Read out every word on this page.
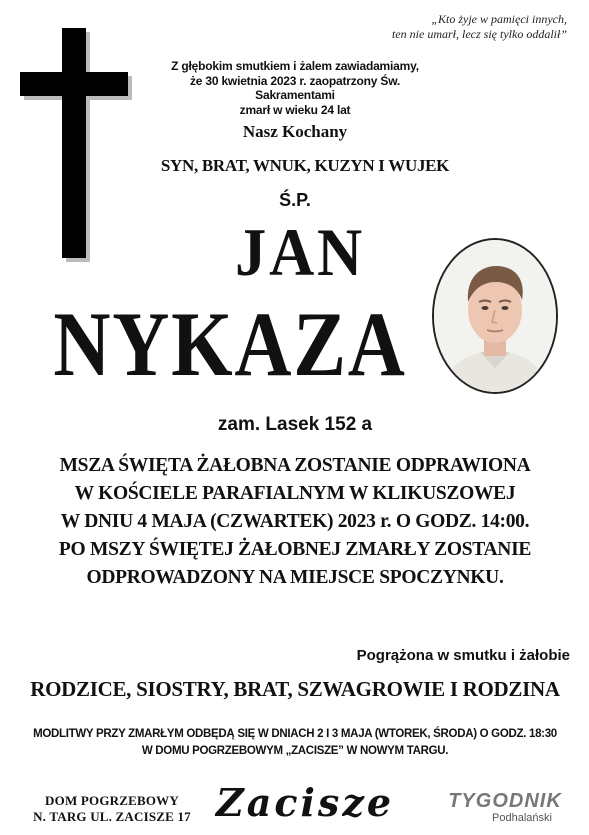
„Kto żyje w pamięci innych,
ten nie umarł, lecz się tylko oddalił”
Z głębokim smutkiem i żalem zawiadamiamy,
że 30 kwietnia 2023 r. zaopatrzony Św. Sakramentami
zmarł w wieku 24 lat
Nasz Kochany
SYN, BRAT, WNUK, KUZYN I WUJEK
Ś.P.
JAN
NYKAZA
zam. Lasek 152 a
MSZA ŚWIĘTA ŻAŁOBNA ZOSTANIE ODPRAWIONA
W KOŚCIELE PARAFIALNYM W KLIKUSZOWEJ
W DNIU 4 MAJA (CZWARTEK) 2023 r. O GODZ. 14:00.
PO MSZY ŚWIĘTEJ ŻAŁOBNEJ ZMARŁY ZOSTANIE
ODPROWADZONY NA MIEJSCE SPOCZYNKU.
Pogrążona w smutku i żałobie
RODZICE, SIOSTRY, BRAT, SZWAGROWIE I RODZINA
MODLITWY PRZY ZMARŁYM ODBĘDĄ SIĘ W DNIACH 2 I 3 MAJA (WTOREK, ŚRODA) O GODZ. 18:30
W DOMU POGRZEBOWYM „ZACISZE” W NOWYM TARGU.
DOM POGRZEBOWY
N. TARG UL. ZACISZE 17 Zacisze	TYGODNIK
Podhalański
